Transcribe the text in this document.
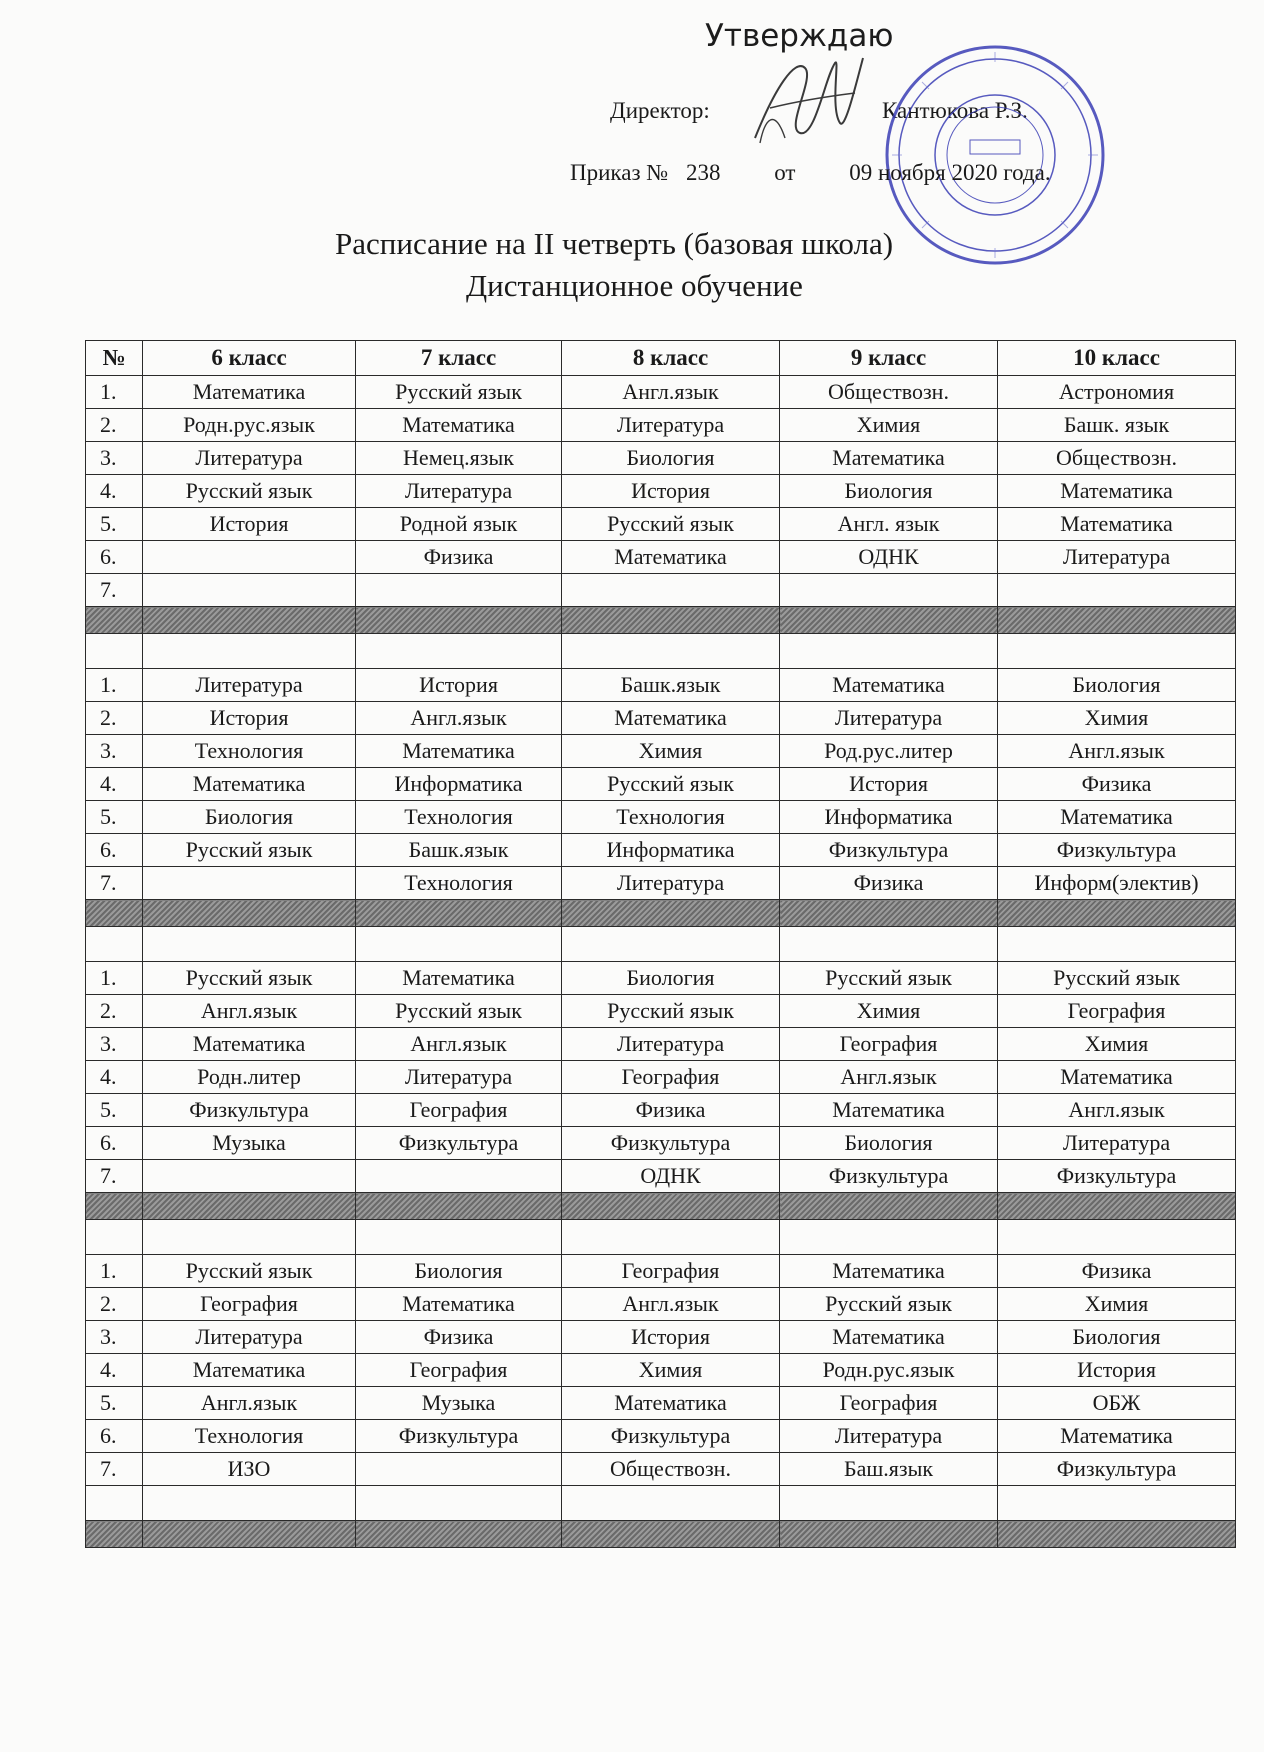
Утверждаю
Директор:	Кантюкова Р.З.
Приказ № 238 от 09 ноября 2020 года.
Расписание на II четверть (базовая школа)
Дистанционное обучение
№	6 класс	7 класс	8 класс	9 класс	10 класс
1.	Математика	Русский язык	Англ.язык	Обществозн.	Астрономия
2.	Родн.рус.язык	Математика	Литература	Химия	Башк. язык
3.	Литература	Немец.язык	Биология	Математика	Обществозн.
4.	Русский язык	Литература	История	Биология	Математика
5.	История	Родной язык	Русский язык	Англ. язык	Математика
6.		Физика	Математика	ОДНК	Литература
7.					

1.	Литература	История	Башк.язык	Математика	Биология
2.	История	Англ.язык	Математика	Литература	Химия
3.	Технология	Математика	Химия	Род.рус.литер	Англ.язык
4.	Математика	Информатика	Русский язык	История	Физика
5.	Биология	Технология	Технология	Информатика	Математика
6.	Русский язык	Башк.язык	Информатика	Физкультура	Физкультура
7.		Технология	Литература	Физика	Информ(электив)

1.	Русский язык	Математика	Биология	Русский язык	Русский язык
2.	Англ.язык	Русский язык	Русский язык	Химия	География
3.	Математика	Англ.язык	Литература	География	Химия
4.	Родн.литер	Литература	География	Англ.язык	Математика
5.	Физкультура	География	Физика	Математика	Англ.язык
6.	Музыка	Физкультура	Физкультура	Биология	Литература
7.			ОДНК	Физкультура	Физкультура

1.	Русский язык	Биология	География	Математика	Физика
2.	География	Математика	Англ.язык	Русский язык	Химия
3.	Литература	Физика	История	Математика	Биология
4.	Математика	География	Химия	Родн.рус.язык	История
5.	Англ.язык	Музыка	Математика	География	ОБЖ
6.	Технология	Физкультура	Физкультура	Литература	Математика
7.	ИЗО		Обществозн.	Баш.язык	Физкультура
